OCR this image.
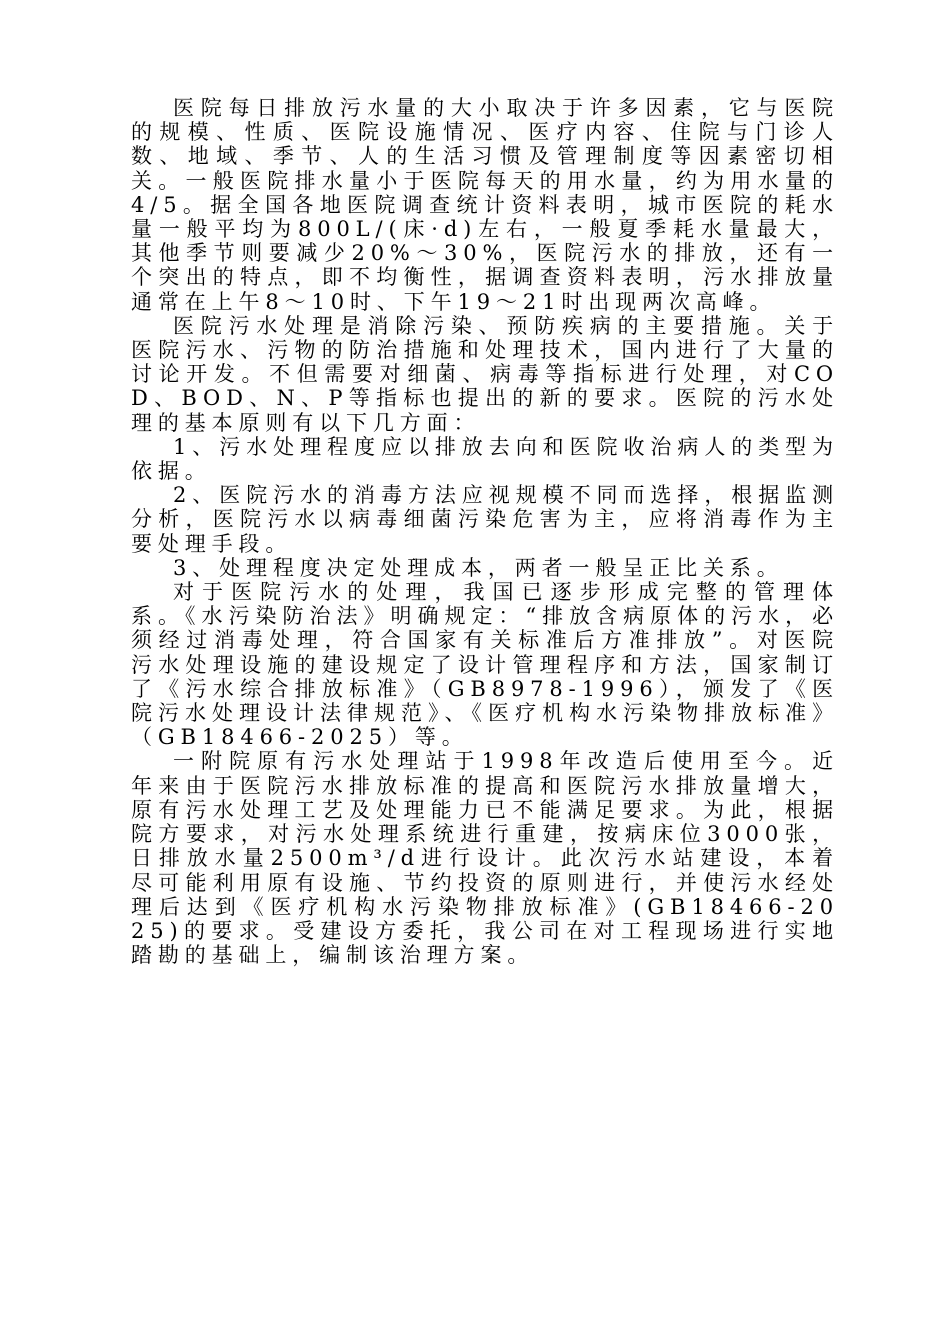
医院每日排放污水量的大小取决于许多因素，它与医院的规模、性质、医院设施情况、医疗内容、住院与门诊人数、地域、季节、人的生活习惯及管理制度等因素密切相关。一般医院排水量小于医院每天的用水量，约为用水量的4/5。据全国各地医院调查统计资料表明，城市医院的耗水量一般平均为800L/(床·d)左右，一般夏季耗水量最大，其他季节则要减少20%～30%，医院污水的排放，还有一个突出的特点，即不均衡性，据调查资料表明，污水排放量通常在上午8～10时、下午19～21时出现两次高峰。

医院污水处理是消除污染、预防疾病的主要措施。关于医院污水、污物的防治措施和处理技术，国内进行了大量的讨论开发。不但需要对细菌、病毒等指标进行处理，对COD、BOD、N、P等指标也提出的新的要求。医院的污水处理的基本原则有以下几方面：

1、污水处理程度应以排放去向和医院收治病人的类型为依据。

2、医院污水的消毒方法应视规模不同而选择，根据监测分析，医院污水以病毒细菌污染危害为主，应将消毒作为主要处理手段。

3、处理程度决定处理成本，两者一般呈正比关系。

对于医院污水的处理，我国已逐步形成完整的管理体系。《水污染防治法》明确规定：“排放含病原体的污水，必须经过消毒处理，符合国家有关标准后方准排放”。对医院污水处理设施的建设规定了设计管理程序和方法，国家制订了《污水综合排放标准》（GB8978-1996），颁发了《医院污水处理设计法律规范》、《医疗机构水污染物排放标准》（GB18466-2025）等。

一附院原有污水处理站于1998年改造后使用至今。近年来由于医院污水排放标准的提高和医院污水排放量增大，原有污水处理工艺及处理能力已不能满足要求。为此，根据院方要求，对污水处理系统进行重建，按病床位3000张，日排放水量2500m³/d进行设计。此次污水站建设，本着尽可能利用原有设施、节约投资的原则进行，并使污水经处理后达到《医疗机构水污染物排放标准》(GB18466-2025)的要求。受建设方委托，我公司在对工程现场进行实地踏勘的基础上，编制该治理方案。
